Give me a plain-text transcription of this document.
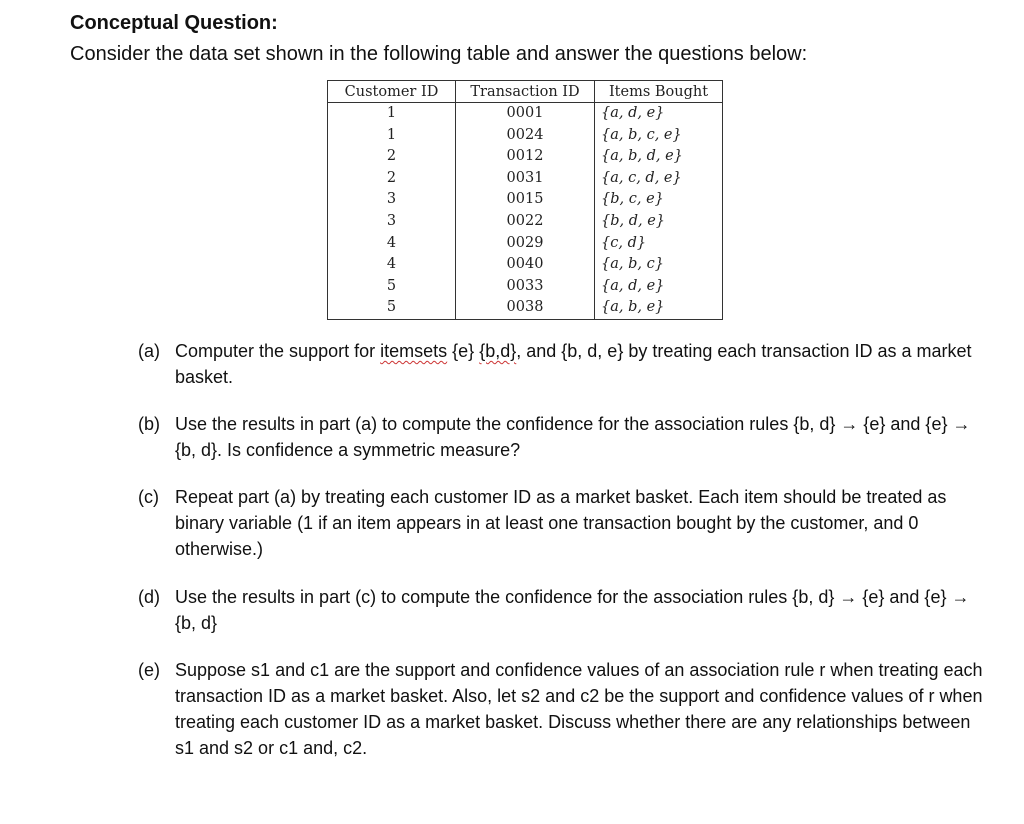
Conceptual Question:

Consider the data set shown in the following table and answer the questions below:

Customer ID	Transaction ID	Items Bought
1	0001	{a, d, e}
1	0024	{a, b, c, e}
2	0012	{a, b, d, e}
2	0031	{a, c, d, e}
3	0015	{b, c, e}
3	0022	{b, d, e}
4	0029	{c, d}
4	0040	{a, b, c}
5	0033	{a, d, e}
5	0038	{a, b, e}
(a) Computer the support for itemsets {e} {b,d}, and {b, d, e} by treating each transaction ID as a market basket.
(b) Use the results in part (a) to compute the confidence for the association rules {b, d} → {e} and {e} → {b, d}. Is confidence a symmetric measure?
(c) Repeat part (a) by treating each customer ID as a market basket. Each item should be treated as binary variable (1 if an item appears in at least one transaction bought by the customer, and 0 otherwise.)
(d) Use the results in part (c) to compute the confidence for the association rules {b, d} → {e} and {e} → {b, d}
(e) Suppose s1 and c1 are the support and confidence values of an association rule r when treating each transaction ID as a market basket. Also, let s2 and c2 be the support and confidence values of r when treating each customer ID as a market basket. Discuss whether there are any relationships between s1 and s2 or c1 and, c2.
